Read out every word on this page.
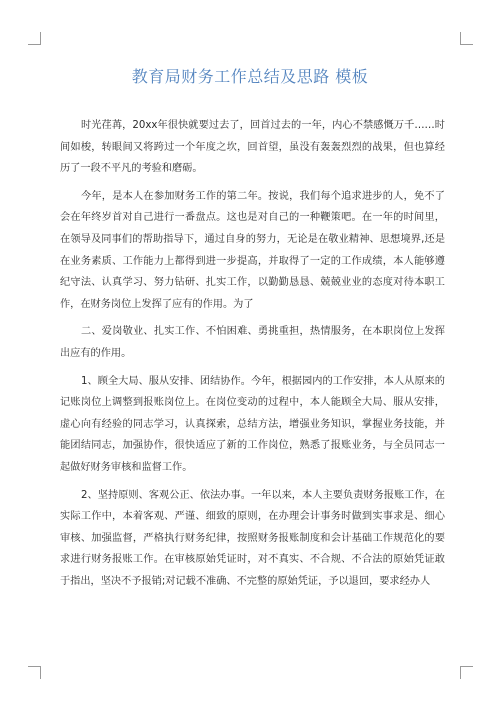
教育局财务工作总结及思路 模板

时光荏苒，20xx年很快就要过去了，回首过去的一年，内心不禁感慨万千……时间如梭，转眼间又将跨过一个年度之坎，回首望，虽没有轰轰烈烈的战果，但也算经历了一段不平凡的考验和磨砺。

今年，是本人在参加财务工作的第二年。按说，我们每个追求进步的人，免不了会在年终岁首对自己进行一番盘点。这也是对自己的一种鞭策吧。在一年的时间里，在领导及同事们的帮助指导下，通过自身的努力，无论是在敬业精神、思想境界,还是在业务素质、工作能力上都得到进一步提高，并取得了一定的工作成绩，本人能够遵纪守法、认真学习、努力钻研、扎实工作，以勤勤恳恳、兢兢业业的态度对待本职工作，在财务岗位上发挥了应有的作用。为了

二、爱岗敬业、扎实工作、不怕困难、勇挑重担，热情服务，在本职岗位上发挥出应有的作用。

1、顾全大局、服从安排、团结协作。今年，根据园内的工作安排，本人从原来的记账岗位上调整到报账岗位上。在岗位变动的过程中，本人能顾全大局、服从安排，虚心向有经验的同志学习，认真探索，总结方法，增强业务知识，掌握业务技能，并能团结同志，加强协作，很快适应了新的工作岗位，熟悉了报账业务，与全员同志一起做好财务审核和监督工作。

2、坚持原则、客观公正、依法办事。一年以来，本人主要负责财务报账工作，在实际工作中，本着客观、严谨、细致的原则，在办理会计事务时做到实事求是、细心审核、加强监督，严格执行财务纪律，按照财务报账制度和会计基础工作规范化的要求进行财务报账工作。在审核原始凭证时，对不真实、不合规、不合法的原始凭证敢于指出，坚决不予报销;对记载不准确、不完整的原始凭证，予以退回，要求经办人
